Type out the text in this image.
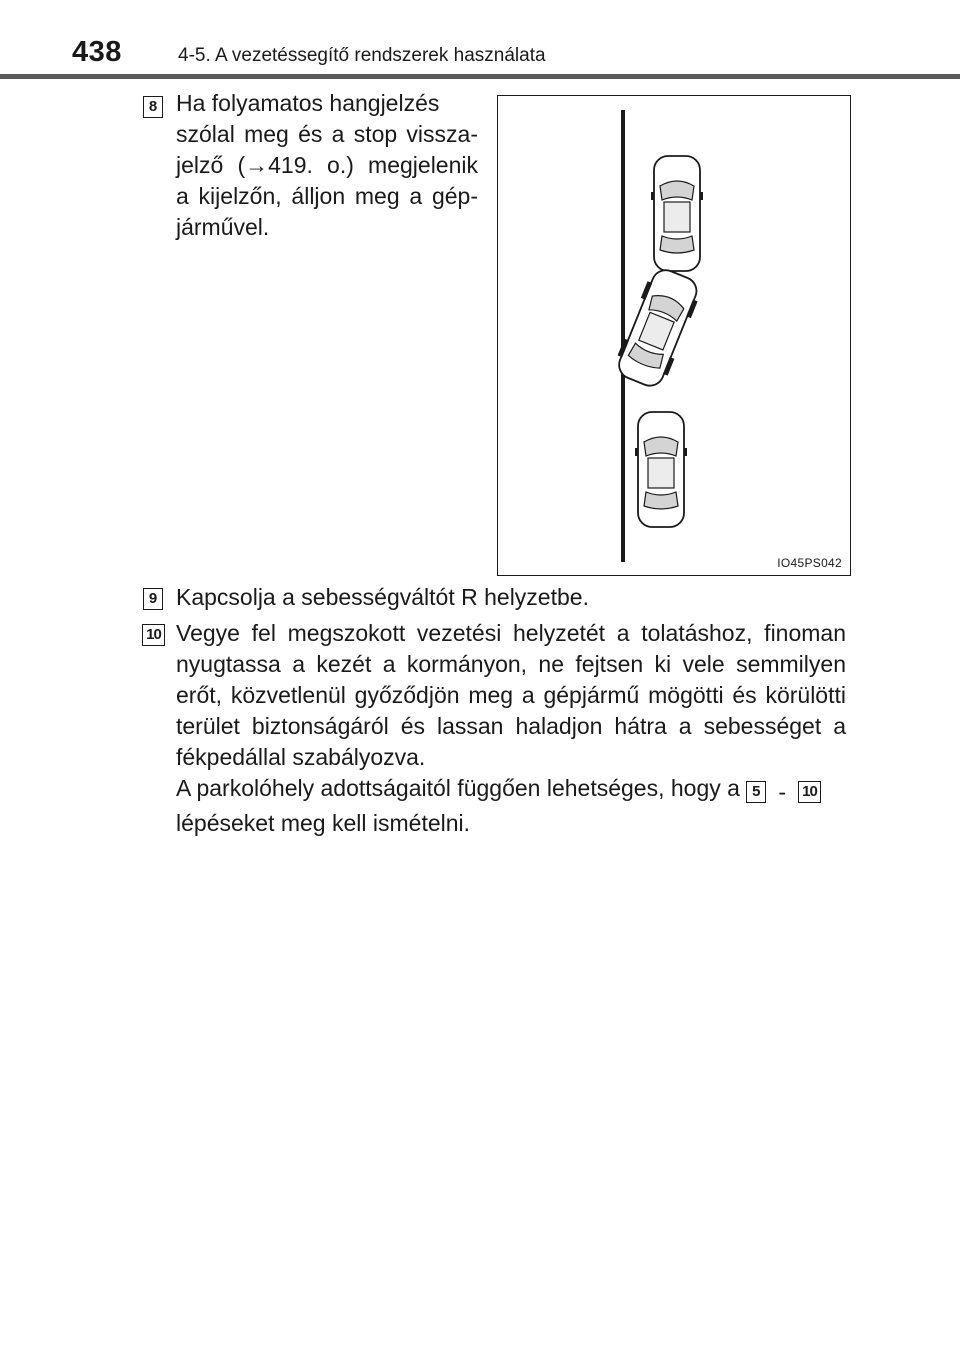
438	4-5. A vezetéssegítő rendszerek használata
8 Ha folyamatos hangjelzés
szólal meg és a stop vissza-
jelző (→419. o.) megjelenik
a kijelzőn, álljon meg a gép-
járművel.
IO45PS042
9 Kapcsolja a sebességváltót R helyzetbe.
10 Vegye fel megszokott vezetési helyzetét a tolatáshoz, finoman
nyugtassa a kezét a kormányon, ne fejtsen ki vele semmilyen
erőt, közvetlenül győződjön meg a gépjármű mögötti és körülötti
terület biztonságáról és lassan haladjon hátra a sebességet a
fékpedállal szabályozva.
A parkolóhely adottságaitól függően lehetséges, hogy a 5 - 10
lépéseket meg kell ismételni.
